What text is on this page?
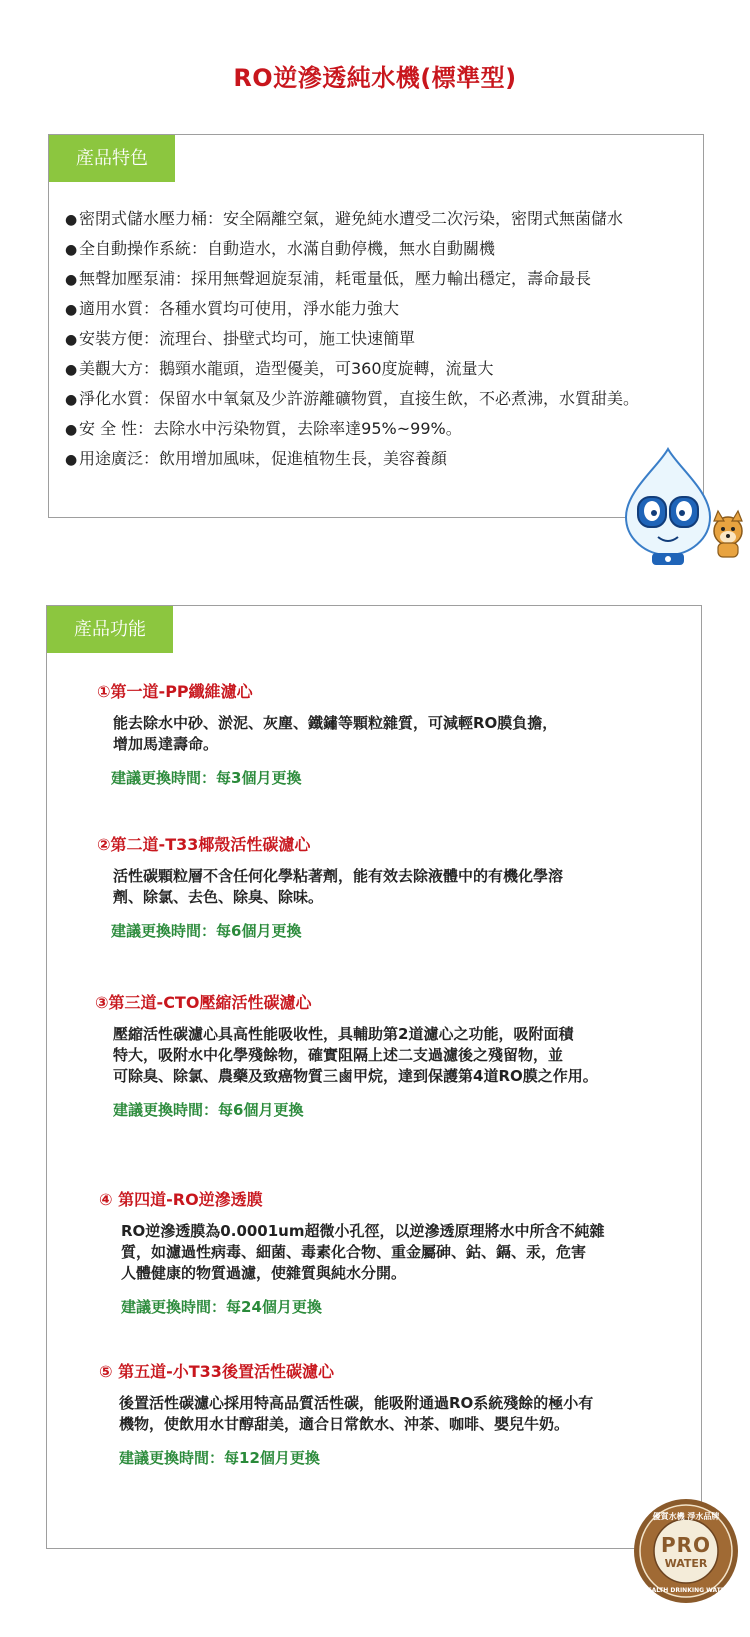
RO逆滲透純水機(標準型)
產品特色
● 密閉式儲水壓力桶：安全隔離空氣，避免純水遭受二次污染，密閉式無菌儲水
● 全自動操作系統：自動造水，水滿自動停機，無水自動關機
● 無聲加壓泵浦：採用無聲迴旋泵浦，耗電量低，壓力輸出穩定，壽命最長
● 適用水質：各種水質均可使用，淨水能力強大
● 安裝方便：流理台、掛壁式均可，施工快速簡單
● 美觀大方：鵝頸水龍頭，造型優美，可360度旋轉，流量大
● 淨化水質：保留水中氧氣及少許游離礦物質，直接生飲，不必煮沸，水質甜美。
● 安 全 性：去除水中污染物質，去除率達95%~99%。
● 用途廣泛：飲用增加風味，促進植物生長，美容養顏
產品功能
①第一道-PP纖維濾心
能去除水中砂、淤泥、灰塵、鐵鏽等顆粒雜質，可減輕RO膜負擔，
增加馬達壽命。
建議更換時間：每3個月更換
②第二道-T33椰殼活性碳濾心
活性碳顆粒層不含任何化學粘著劑，能有效去除液體中的有機化學溶
劑、除氯、去色、除臭、除味。
建議更換時間：每6個月更換
③第三道-CTO壓縮活性碳濾心
壓縮活性碳濾心具高性能吸收性，具輔助第2道濾心之功能，吸附面積
特大，吸附水中化學殘餘物，確實阻隔上述二支過濾後之殘留物，並
可除臭、除氯、農藥及致癌物質三鹵甲烷，達到保護第4道RO膜之作用。
建議更換時間：每6個月更換
④ 第四道-RO逆滲透膜
RO逆滲透膜為0.0001um超微小孔徑，以逆滲透原理將水中所含不純雜
質，如濾過性病毒、細菌、毒素化合物、重金屬砷、鈷、鎘、汞，危害
人體健康的物質過濾，使雜質與純水分開。
建議更換時間：每24個月更換
⑤ 第五道-小T33後置活性碳濾心
後置活性碳濾心採用特高品質活性碳，能吸附通過RO系統殘餘的極小有
機物，使飲用水甘醇甜美，適合日常飲水、沖茶、咖啡、嬰兒牛奶。
建議更換時間：每12個月更換
優質水機 淨水品牌
PRO
WATER
HEALTH DRINKING WATER
